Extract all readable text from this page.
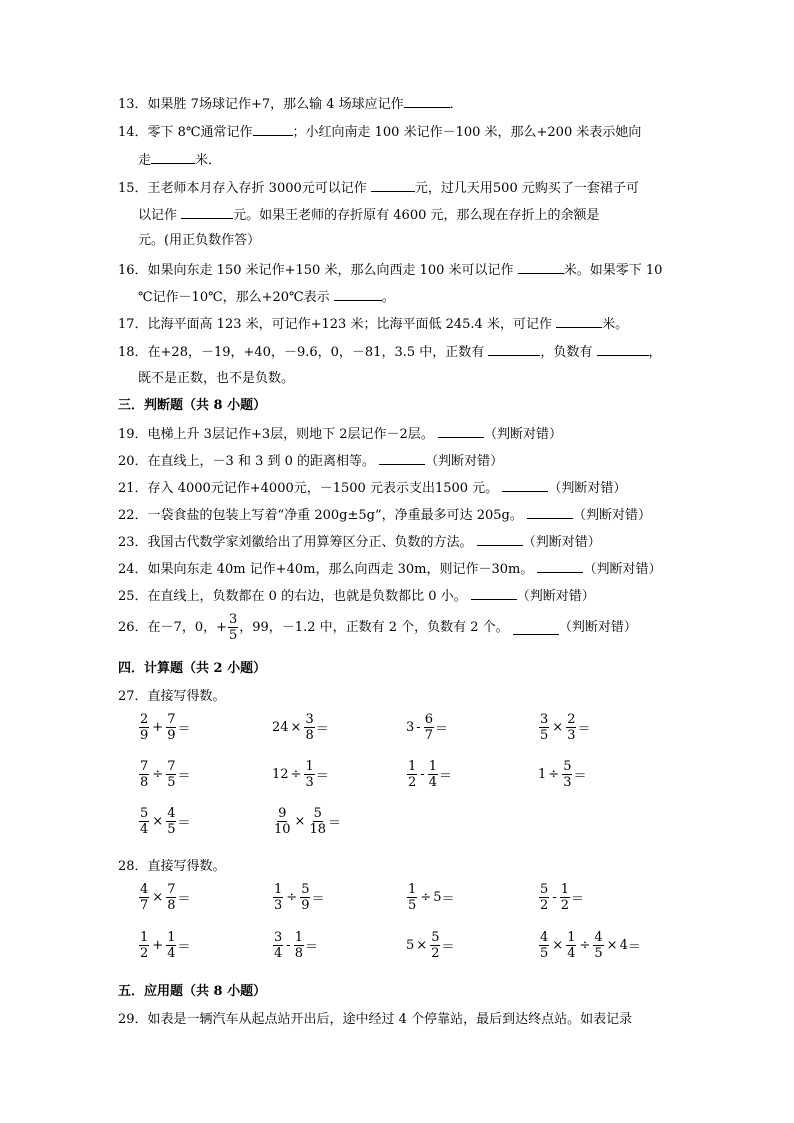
13．如果胜 7场球记作+7，那么输 4 场球应记作	．
14．零下 8℃通常记作	；小红向南走 100 米记作－100 米，那么+200 米表示她向
走	米．
15．王老师本月存入存折 3000元可以记作	元，过几天用500 元购买了一套裙子可
以记作	元。如果王老师的存折原有 4600 元，那么现在存折上的余额是
元。(用正负数作答）
16．如果向东走 150 米记作+150 米，那么向西走 100 米可以记作	米。如果零下 10
℃记作－10℃，那么+20℃表示	。
17．比海平面高 123 米，可记作+123 米；比海平面低 245.4 米，可记作	米。
18．在+28，－19，+40，－9.6，0，－81，3.5 中，正数有	，负数有	，
既不是正数，也不是负数。
三．判断题（共 8 小题）
19．电梯上升 3层记作+3层，则地下 2层记作－2层。	（判断对错）
20．在直线上，－3 和 3 到 0 的距离相等。	（判断对错）
21．存入 4000元记作+4000元，－1500 元表示支出1500 元。	（判断对错）
22．一袋食盐的包装上写着“净重 200g±5g”，净重最多可达 205g。	（判断对错）
23．我国古代数学家刘徽给出了用算筹区分正、负数的方法。	（判断对错）
24．如果向东走 40m 记作+40m，那么向西走 30m，则记作－30m。	（判断对错）
25．在直线上，负数都在 0 的右边，也就是负数都比 0 小。	（判断对错）
26．在－7，0，+ $\frac{3}{5}$ ，99，－1.2 中，正数有 2 个，负数有 2 个。
	（判断对错）
四．计算题（共 2 小题）
27．直接写得数。
$\frac{2}{9} + \frac{7}{9}$ ＝	$24 \times \frac{3}{8}$ ＝	$3 - \frac{6}{7}$ ＝	$\frac{3}{5} \times \frac{2}{3}$ ＝
$\frac{7}{8} \div \frac{7}{5}$ ＝	$12 \div \frac{1}{3}$ ＝	$\frac{1}{2} - \frac{1}{4}$ ＝	$1 \div \frac{5}{3}$ ＝
$\frac{5}{4} \times \frac{4}{5}$ ＝	$\frac{9}{10} \times \frac{5}{18}$ ＝
28．直接写得数。
$\frac{4}{7} \times \frac{7}{8}$ ＝	$\frac{1}{3} \div \frac{5}{9}$ ＝	$\frac{1}{5} \div 5$ ＝	$\frac{5}{2} - \frac{1}{2}$ ＝
$\frac{1}{2} + \frac{1}{4}$ ＝	$\frac{3}{4} - \frac{1}{8}$ ＝	$5 \times \frac{5}{2}$ ＝	$\frac{4}{5} \times \frac{1}{4} \div \frac{4}{5} \times 4$ ＝
五．应用题（共 8 小题）
29．如表是一辆汽车从起点站开出后，途中经过 4 个停靠站，最后到达终点站。如表记录
